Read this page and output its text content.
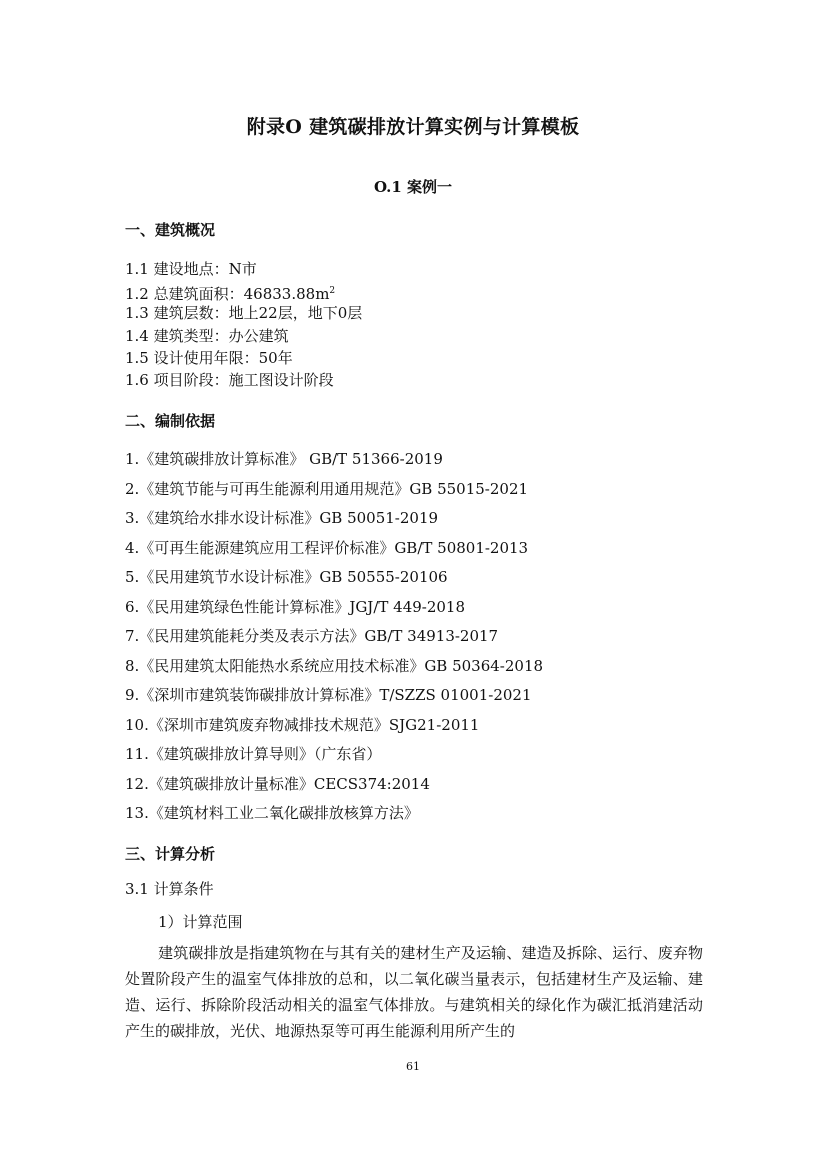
附录O 建筑碳排放计算实例与计算模板
O.1 案例一
一、建筑概况
1.1 建设地点：N市
1.2 总建筑面积：$46833.88m^2$
1.3 建筑层数：地上22层，地下0层
1.4 建筑类型：办公建筑
1.5 设计使用年限：50年
1.6 项目阶段：施工图设计阶段
二、编制依据
1.《建筑碳排放计算标准》 GB/T 51366-2019
2.《建筑节能与可再生能源利用通用规范》GB 55015-2021
3.《建筑给水排水设计标准》GB 50051-2019
4.《可再生能源建筑应用工程评价标准》GB/T 50801-2013
5.《民用建筑节水设计标准》GB 50555-20106
6.《民用建筑绿色性能计算标准》JGJ/T 449-2018
7.《民用建筑能耗分类及表示方法》GB/T 34913-2017
8.《民用建筑太阳能热水系统应用技术标准》GB 50364-2018
9.《深圳市建筑装饰碳排放计算标准》T/SZZS 01001-2021
10.《深圳市建筑废弃物减排技术规范》SJG21-2011
11.《建筑碳排放计算导则》（广东省）
12.《建筑碳排放计量标准》CECS374:2014
13.《建筑材料工业二氧化碳排放核算方法》
三、计算分析
3.1 计算条件
1）计算范围
建筑碳排放是指建筑物在与其有关的建材生产及运输、建造及拆除、运行、废弃物处置阶段产生的温室气体排放的总和，以二氧化碳当量表示，包括建材生产及运输、建造、运行、拆除阶段活动相关的温室气体排放。与建筑相关的绿化作为碳汇抵消建活动产生的碳排放，光伏、地源热泵等可再生能源利用所产生的
61
